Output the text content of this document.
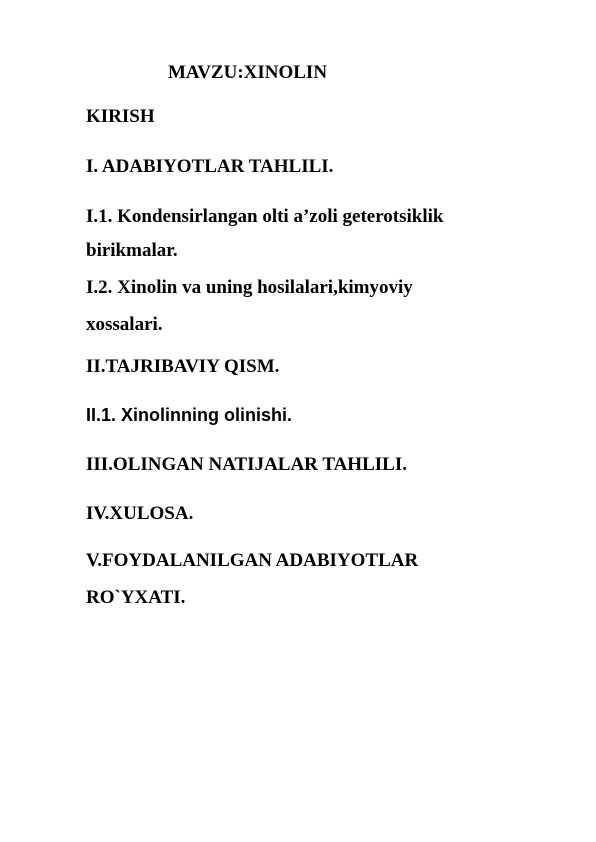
MAVZU:XINOLIN
KIRISH
I. ADABIYOTLAR TAHLILI.
I.1. Kondensirlangan olti a’zoli geterotsiklik
birikmalar.
I.2. Xinolin va uning hosilalari,kimyoviy
xossalari.
II.TAJRIBAVIY QISM.
II.1. Xinolinning olinishi.
III.OLINGAN NATIJALAR TAHLILI.
IV.XULOSA.
V.FOYDALANILGAN ADABIYOTLAR
RO`YXATI.
